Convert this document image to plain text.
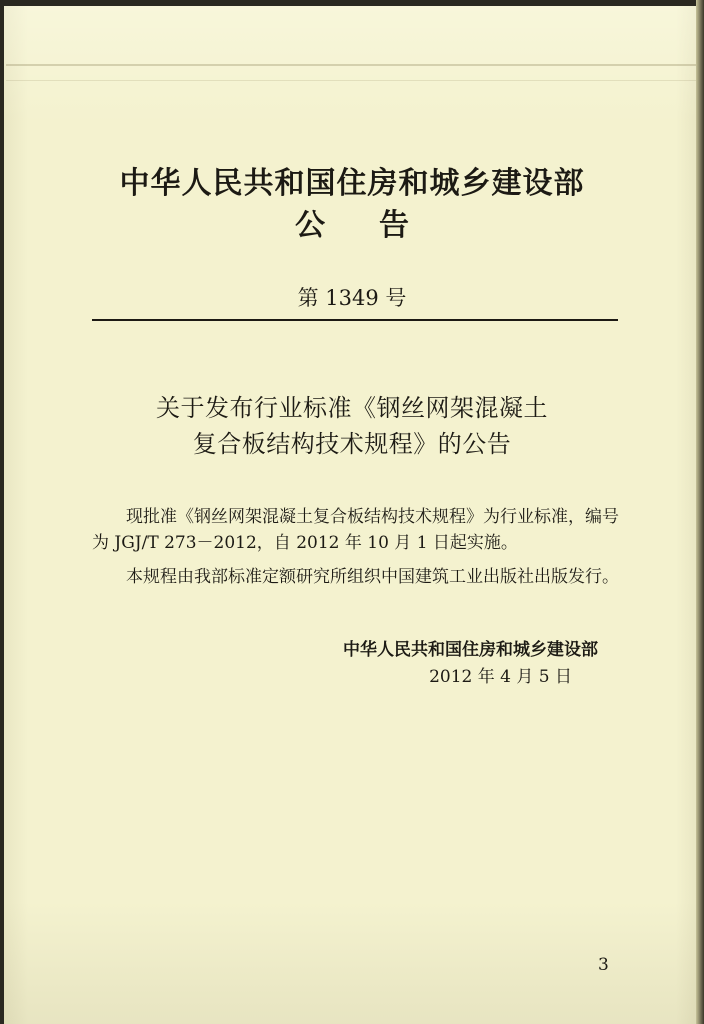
中华人民共和国住房和城乡建设部
公告
第 1349 号
关于发布行业标准《钢丝网架混凝土
复合板结构技术规程》的公告

现批准《钢丝网架混凝土复合板结构技术规程》为行业标准，编号为 JGJ/T 273－2012，自 2012 年 10 月 1 日起实施。

本规程由我部标准定额研究所组织中国建筑工业出版社出版发行。

中华人民共和国住房和城乡建设部
2012 年 4 月 5 日
3
